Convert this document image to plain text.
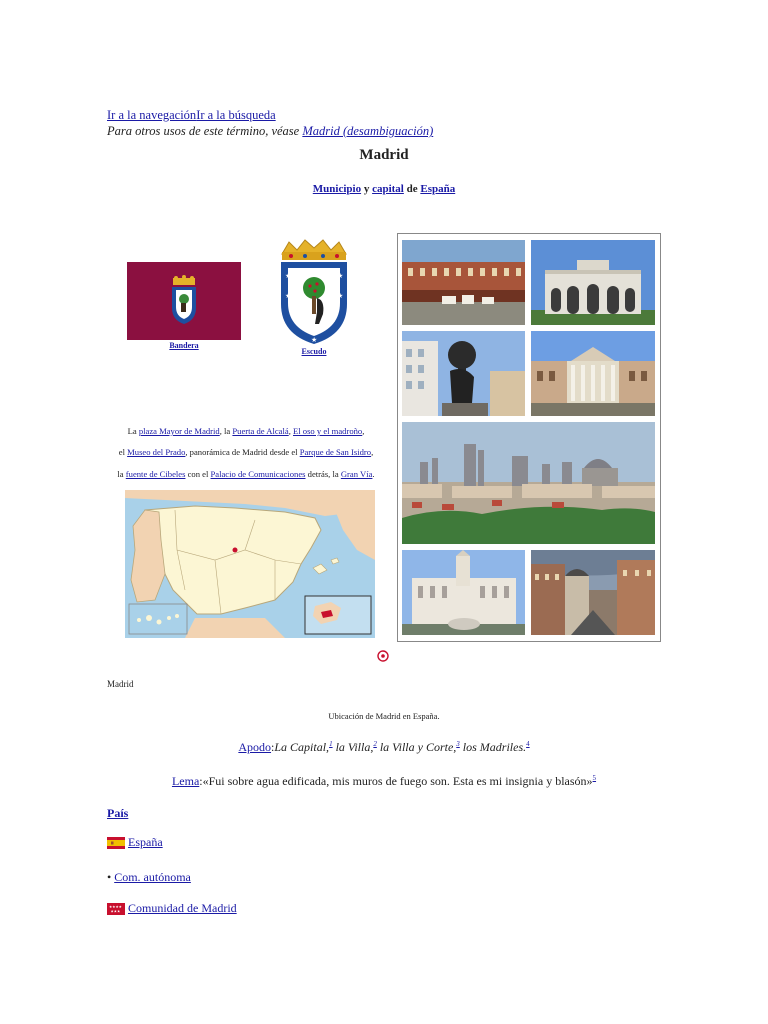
Ir a la navegaciónIr a la búsqueda
Para otros usos de este término, véase Madrid (desambiguación)
Madrid
Municipio y capital de España
Bandera
★	★
★	★
★	★
★
Escudo
La plaza Mayor de Madrid, la Puerta de Alcalá, El oso y el madroño,
el Museo del Prado, panorámica de Madrid desde el Parque de San Isidro,
la fuente de Cibeles con el Palacio de Comunicaciones detrás, la Gran Vía.
Madrid
Ubicación de Madrid en España.
Apodo:La Capital,$^1$ la Villa,$^2$ la Villa y Corte,$^3$ los Madriles.$^4$
Lema:«Fui sobre agua edificada, mis muros de fuego son. Esta es mi insignia y blasón»$^5$
País
España
• Com. autónoma
★★★★
★★★ Comunidad de Madrid
